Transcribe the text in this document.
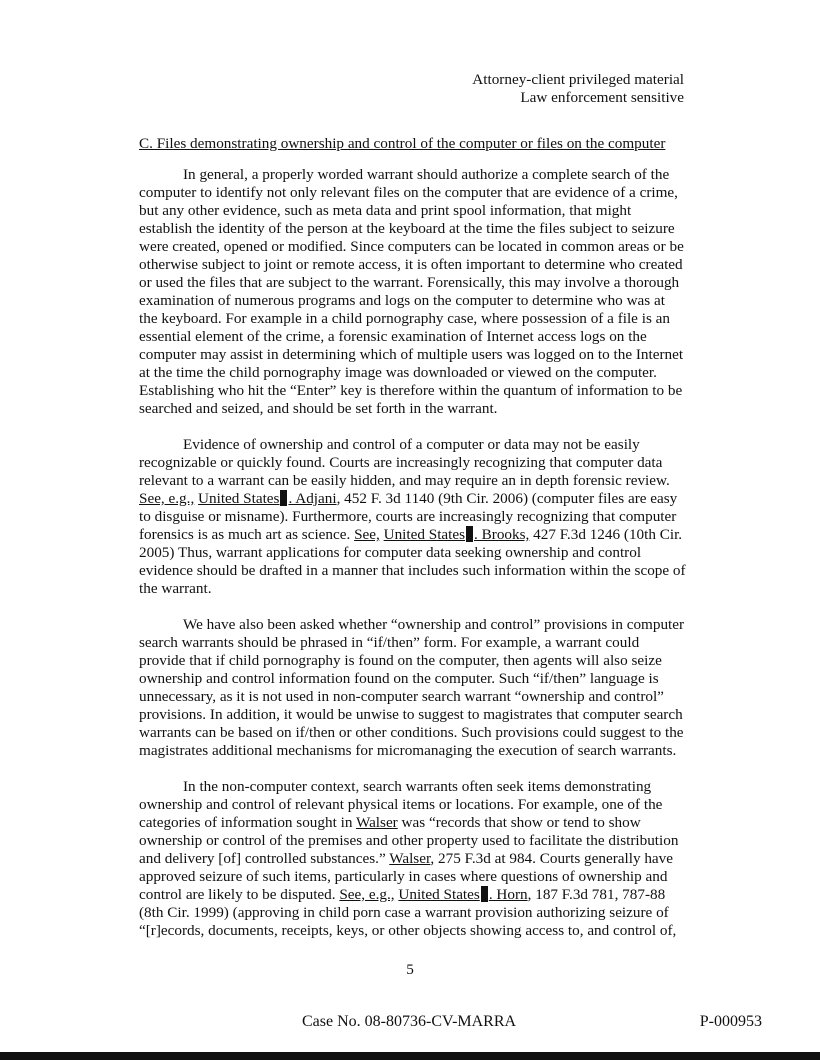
Attorney-client privileged material
Law enforcement sensitive
C. Files demonstrating ownership and control of the computer or files on the computer

In general, a properly worded warrant should authorize a complete search of the computer to identify not only relevant files on the computer that are evidence of a crime, but any other evidence, such as meta data and print spool information, that might establish the identity of the person at the keyboard at the time the files subject to seizure were created, opened or modified. Since computers can be located in common areas or be otherwise subject to joint or remote access, it is often important to determine who created or used the files that are subject to the warrant. Forensically, this may involve a thorough examination of numerous programs and logs on the computer to determine who was at the keyboard. For example in a child pornography case, where possession of a file is an essential element of the crime, a forensic examination of Internet access logs on the computer may assist in determining which of multiple users was logged on to the Internet at the time the child pornography image was downloaded or viewed on the computer. Establishing who hit the “Enter” key is therefore within the quantum of information to be searched and seized, and should be set forth in the warrant.

Evidence of ownership and control of a computer or data may not be easily recognizable or quickly found. Courts are increasingly recognizing that computer data relevant to a warrant can be easily hidden, and may require an in depth forensic review. See, e.g., United States . Adjani, 452 F. 3d 1140 (9th Cir. 2006) (computer files are easy to disguise or misname). Furthermore, courts are increasingly recognizing that computer forensics is as much art as science. See, United States . Brooks, 427 F.3d 1246 (10th Cir. 2005) Thus, warrant applications for computer data seeking ownership and control evidence should be drafted in a manner that includes such information within the scope of the warrant.

We have also been asked whether “ownership and control” provisions in computer search warrants should be phrased in “if/then” form. For example, a warrant could provide that if child pornography is found on the computer, then agents will also seize ownership and control information found on the computer. Such “if/then” language is unnecessary, as it is not used in non-computer search warrant “ownership and control” provisions. In addition, it would be unwise to suggest to magistrates that computer search warrants can be based on if/then or other conditions. Such provisions could suggest to the magistrates additional mechanisms for micromanaging the execution of search warrants.

In the non-computer context, search warrants often seek items demonstrating ownership and control of relevant physical items or locations. For example, one of the categories of information sought in Walser was “records that show or tend to show ownership or control of the premises and other property used to facilitate the distribution and delivery [of] controlled substances.” Walser, 275 F.3d at 984. Courts generally have approved seizure of such items, particularly in cases where questions of ownership and control are likely to be disputed. See, e.g., United States . Horn, 187 F.3d 781, 787-88 (8th Cir. 1999) (approving in child porn case a warrant provision authorizing seizure of “[r]ecords, documents, receipts, keys, or other objects showing access to, and control of,

5
Case No. 08-80736-CV-MARRA	P-000953
